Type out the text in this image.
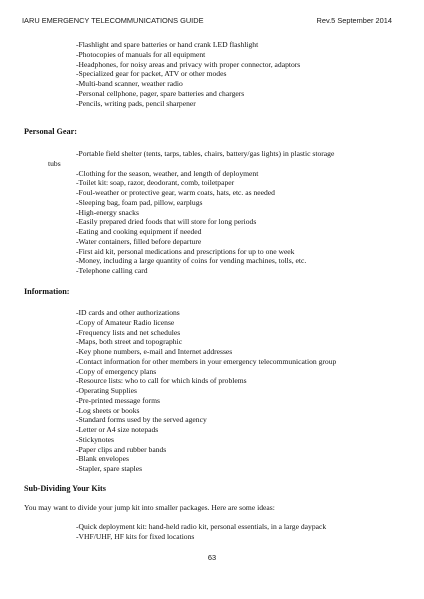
IARU EMERGENCY TELECOMMUNICATIONS GUIDE	Rev.5 September 2014
-Flashlight and spare batteries or hand crank LED flashlight
-Photocopies of manuals for all equipment
-Headphones, for noisy areas and privacy with proper connector, adaptors
-Specialized gear for packet, ATV or other modes
-Multi-band scanner, weather radio
-Personal cellphone, pager, spare batteries and chargers
-Pencils, writing pads, pencil sharpener
Personal Gear:
-Portable field shelter (tents, tarps, tables, chairs, battery/gas lights) in plastic storage
tubs
-Clothing for the season, weather, and length of deployment
-Toilet kit: soap, razor, deodorant, comb, toiletpaper
-Foul-weather or protective gear, warm coats, hats, etc. as needed
-Sleeping bag, foam pad, pillow, earplugs
-High-energy snacks
-Easily prepared dried foods that will store for long periods
-Eating and cooking equipment if needed
-Water containers, filled before departure
-First aid kit, personal medications and prescriptions for up to one week
-Money, including a large quantity of coins for vending machines, tolls, etc.
-Telephone calling card
Information:
-ID cards and other authorizations
-Copy of Amateur Radio license
-Frequency lists and net schedules
-Maps, both street and topographic
-Key phone numbers, e-mail and Internet addresses
-Contact information for other members in your emergency telecommunication group
-Copy of emergency plans
-Resource lists: who to call for which kinds of problems
-Operating Supplies
-Pre-printed message forms
-Log sheets or books
-Standard forms used by the served agency
-Letter or A4 size notepads
-Stickynotes
-Paper clips and rubber bands
-Blank envelopes
-Stapler, spare staples
Sub-Dividing Your Kits
You may want to divide your jump kit into smaller packages. Here are some ideas:
-Quick deployment kit: hand-held radio kit, personal essentials, in a large daypack
-VHF/UHF, HF kits for fixed locations
63
